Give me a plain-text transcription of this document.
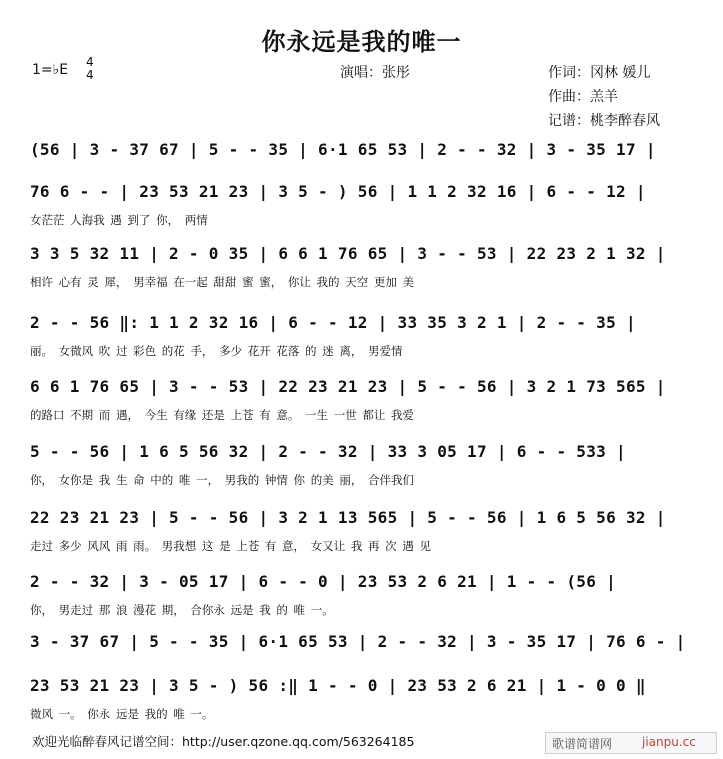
你永远是我的唯一
1=♭E 4
4	演唱：张彤	作词：冈林 媛儿
作曲：羔羊
记谱：桃李醉春风
(56 | 3 - 37 67 | 5 - - 35 | 6·1 65 53 | 2 - - 32 | 3 - 35 17 |
76 6 - - | 23 53 21 23 | 3 5 - ) 56 | 1 1 2 32 16 | 6 - - 12 |
女茫茫 人海我 遇 到了 你， 两情
3 3 5 32 11 | 2 - 0 35 | 6 6 1 76 65 | 3 - - 53 | 22 23 2 1 32 |
相许 心有 灵 犀， 男幸福 在一起 甜甜 蜜 蜜， 你让 我的 天空 更加 美
2 - - 56 ‖: 1 1 2 32 16 | 6 - - 12 | 33 35 3 2 1 | 2 - - 35 |
丽。 女微风 吹 过 彩色 的花 手， 多少 花开 花落 的 迷 离， 男爱情
6 6 1 76 65 | 3 - - 53 | 22 23 21 23 | 5 - - 56 | 3 2 1 73 565 |
的路口 不期 而 遇， 今生 有缘 还是 上苍 有 意。 一生 一世 都让 我爱
5 - - 56 | 1 6 5 56 32 | 2 - - 32 | 33 3 05 17 | 6 - - 533 |
你， 女你是 我 生 命 中的 唯 一， 男我的 钟情 你 的美 丽， 合伴我们
22 23 21 23 | 5 - - 56 | 3 2 1 13 565 | 5 - - 56 | 1 6 5 56 32 |
走过 多少 风风 雨 雨。 男我想 这 是 上苍 有 意， 女又让 我 再 次 遇 见
2 - - 32 | 3 - 05 17 | 6 - - 0 | 23 53 2 6 21 | 1 - - (56 |
你， 男走过 那 浪 漫花 期， 合你永 远是 我 的 唯 一。
3 - 37 67 | 5 - - 35 | 6·1 65 53 | 2 - - 32 | 3 - 35 17 | 76 6 - |
23 53 21 23 | 3 5 - ) 56 :‖ 1 - - 0 | 23 53 2 6 21 | 1 - 0 0 ‖
微风 一。 你永 远是 我的 唯 一。
欢迎光临醉春风记谱空间：http://user.qzone.qq.com/563264185	歌谱简谱网 jianpu.cc
